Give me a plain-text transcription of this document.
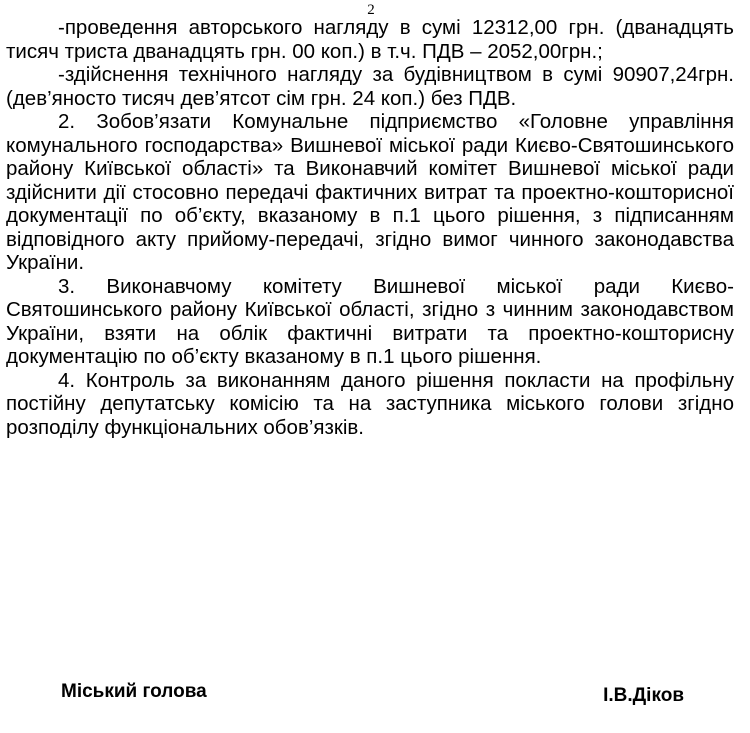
2

-проведення авторського нагляду в сумі 12312,00 грн. (дванадцять тисяч триста дванадцять грн. 00 коп.) в т.ч. ПДВ – 2052,00грн.;

-здійснення технічного нагляду за будівництвом в сумі 90907,24грн. (дев’яносто тисяч дев’ятсот сім грн. 24 коп.) без ПДВ.

2. Зобов’язати Комунальне підприємство «Головне управління комунального господарства» Вишневої міської ради Києво-Святошинського району Київської області» та Виконавчий комітет Вишневої міської ради здійснити дії стосовно передачі фактичних витрат та проектно-кошторисної документації по об’єкту, вказаному в п.1 цього рішення, з підписанням відповідного акту прийому-передачі, згідно вимог чинного законодавства України.

3. Виконавчому комітету Вишневої міської ради Києво-Святошинського району Київської області, згідно з чинним законодавством України, взяти на облік фактичні витрати та проектно-кошторисну документацію по об’єкту вказаному в п.1 цього рішення.

4. Контроль за виконанням даного рішення покласти на профільну постійну депутатську комісію та на заступника міського голови згідно розподілу функціональних обов’язків.

Міський голова	І.В.Діков
